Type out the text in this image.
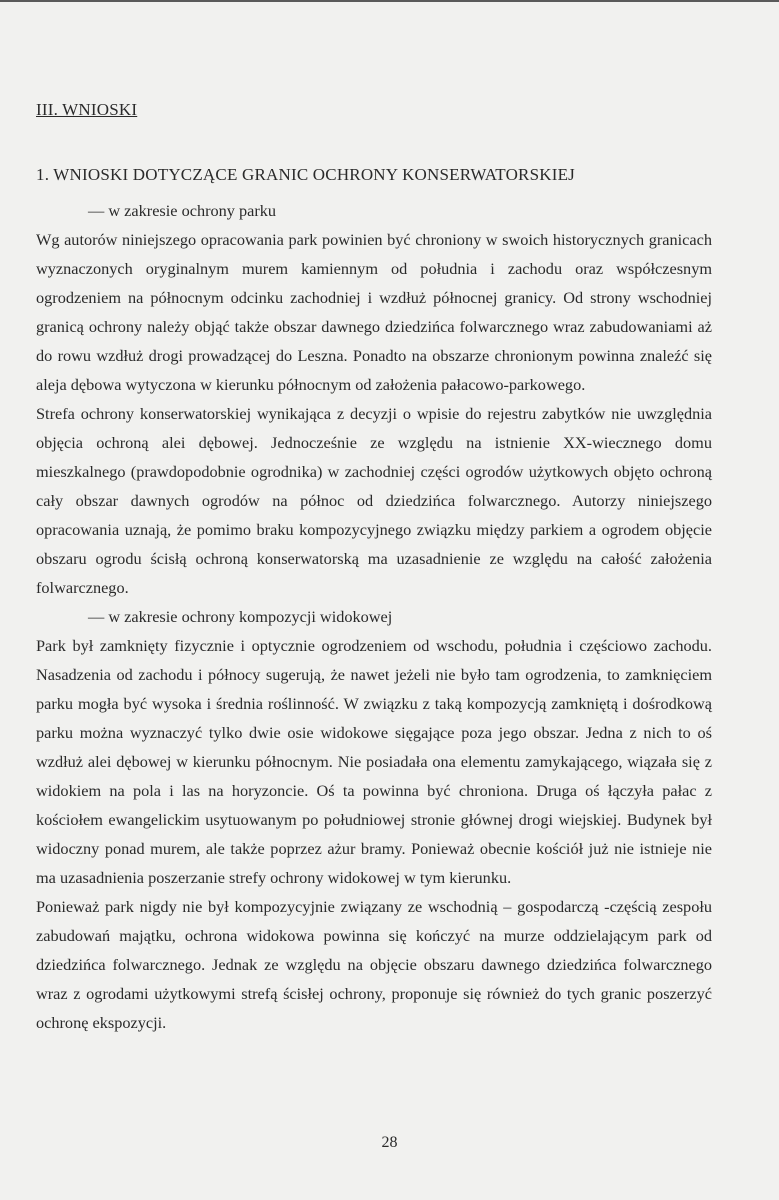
III. WNIOSKI
1. WNIOSKI DOTYCZĄCE GRANIC OCHRONY KONSERWATORSKIEJ

— w zakresie ochrony parku

Wg autorów niniejszego opracowania park powinien być chroniony w swoich historycznych granicach wyznaczonych oryginalnym murem kamiennym od południa i zachodu oraz współczesnym ogrodzeniem na północnym odcinku zachodniej i wzdłuż północnej granicy. Od strony wschodniej granicą ochrony należy objąć także obszar dawnego dziedzińca folwarcznego wraz zabudowaniami aż do rowu wzdłuż drogi prowadzącej do Leszna. Ponadto na obszarze chronionym powinna znaleźć się aleja dębowa wytyczona w kierunku północnym od założenia pałacowo-parkowego.

Strefa ochrony konserwatorskiej wynikająca z decyzji o wpisie do rejestru zabytków nie uwzględnia objęcia ochroną alei dębowej. Jednocześnie ze względu na istnienie XX-wiecznego domu mieszkalnego (prawdopodobnie ogrodnika) w zachodniej części ogrodów użytkowych objęto ochroną cały obszar dawnych ogrodów na północ od dziedzińca folwarcznego. Autorzy niniejszego opracowania uznają, że pomimo braku kompozycyjnego związku między parkiem a ogrodem objęcie obszaru ogrodu ścisłą ochroną konserwatorską ma uzasadnienie ze względu na całość założenia folwarcznego.

— w zakresie ochrony kompozycji widokowej

Park był zamknięty fizycznie i optycznie ogrodzeniem od wschodu, południa i częściowo zachodu. Nasadzenia od zachodu i północy sugerują, że nawet jeżeli nie było tam ogrodzenia, to zamknięciem parku mogła być wysoka i średnia roślinność. W związku z taką kompozycją zamkniętą i dośrodkową parku można wyznaczyć tylko dwie osie widokowe sięgające poza jego obszar. Jedna z nich to oś wzdłuż alei dębowej w kierunku północnym. Nie posiadała ona elementu zamykającego, wiązała się z widokiem na pola i las na horyzoncie. Oś ta powinna być chroniona. Druga oś łączyła pałac z kościołem ewangelickim usytuowanym po południowej stronie głównej drogi wiejskiej. Budynek był widoczny ponad murem, ale także poprzez ażur bramy. Ponieważ obecnie kościół już nie istnieje nie ma uzasadnienia poszerzanie strefy ochrony widokowej w tym kierunku.

Ponieważ park nigdy nie był kompozycyjnie związany ze wschodnią – gospodarczą -częścią zespołu zabudowań majątku, ochrona widokowa powinna się kończyć na murze oddzielającym park od dziedzińca folwarcznego. Jednak ze względu na objęcie obszaru dawnego dziedzińca folwarcznego wraz z ogrodami użytkowymi strefą ścisłej ochrony, proponuje się również do tych granic poszerzyć ochronę ekspozycji.

28
